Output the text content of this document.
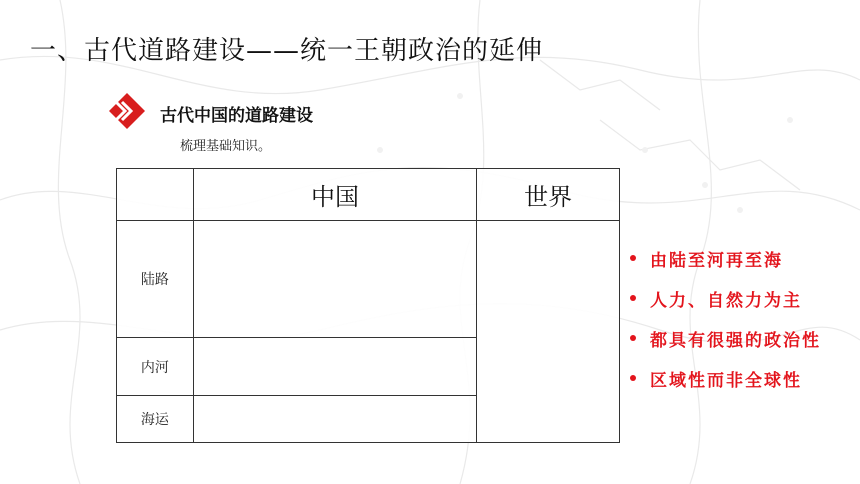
一、古代道路建设——统一王朝政治的延伸
古代中国的道路建设
梳理基础知识。
	中国	世界
陆路		
内河		
海运		
由陆至河再至海
人力、自然力为主
都具有很强的政治性
区域性而非全球性
